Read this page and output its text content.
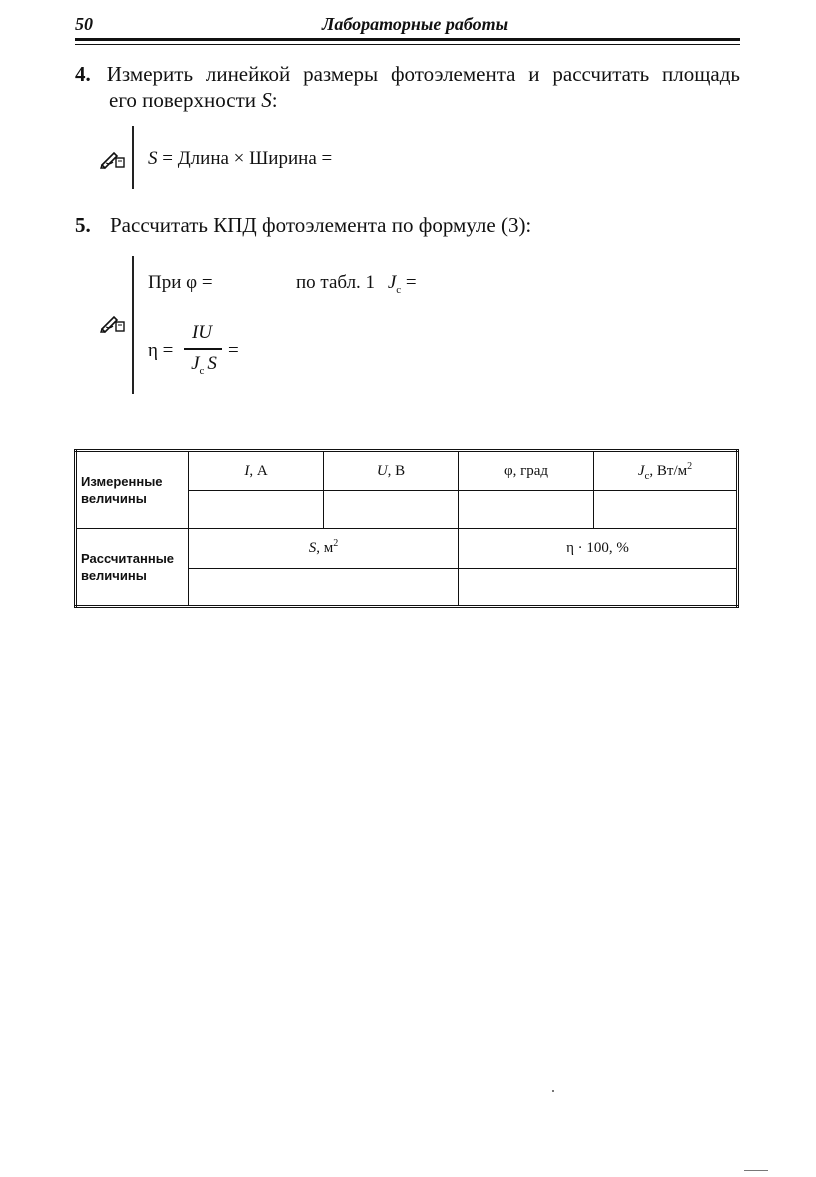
50	Лабораторные работы
4. Измерить линейкой размеры фотоэлемента и рассчитать площадь
его поверхности S:
S = Длина × Ширина =
5. Рассчитать КПД фотоэлемента по формуле (3):
При φ =	по табл. 1 $J_c$ =
η =
IU
$J_c$ S
=
Измеренные
величины	I, А	U, В	φ, град	$J_c$, $Вт/м^2$

Рассчитанные
величины	S, $м^2$		η · 100, %	
